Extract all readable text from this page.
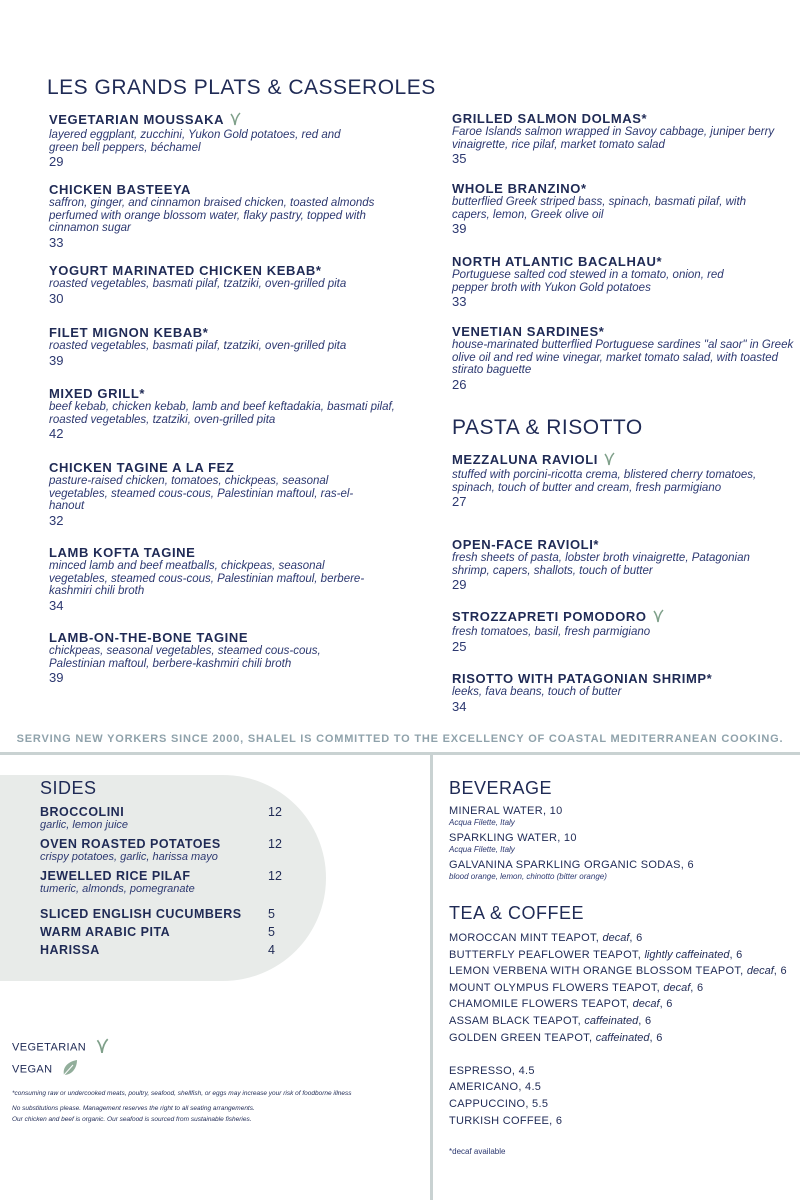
LES GRANDS PLATS & CASSEROLES
VEGETARIAN MOUSSAKA
layered eggplant, zucchini, Yukon Gold potatoes, red and green bell peppers, béchamel
29
CHICKEN BASTEEYA
saffron, ginger, and cinnamon braised chicken, toasted almonds perfumed with orange blossom water, flaky pastry, topped with cinnamon sugar
33
YOGURT MARINATED CHICKEN KEBAB*
roasted vegetables, basmati pilaf, tzatziki, oven-grilled pita
30
FILET MIGNON KEBAB*
roasted vegetables, basmati pilaf, tzatziki, oven-grilled pita
39
MIXED GRILL*
beef kebab, chicken kebab, lamb and beef keftadakia, basmati pilaf, roasted vegetables, tzatziki, oven-grilled pita
42
CHICKEN TAGINE A LA FEZ
pasture-raised chicken, tomatoes, chickpeas, seasonal vegetables, steamed cous-cous, Palestinian maftoul, ras-el-hanout
32
LAMB KOFTA TAGINE
minced lamb and beef meatballs, chickpeas, seasonal vegetables, steamed cous-cous, Palestinian maftoul, berbere-kashmiri chili broth
34
LAMB-ON-THE-BONE TAGINE
chickpeas, seasonal vegetables, steamed cous-cous, Palestinian maftoul, berbere-kashmiri chili broth
39
GRILLED SALMON DOLMAS*
Faroe Islands salmon wrapped in Savoy cabbage, juniper berry vinaigrette, rice pilaf, market tomato salad
35
WHOLE BRANZINO*
butterflied Greek striped bass, spinach, basmati pilaf, with capers, lemon, Greek olive oil
39
NORTH ATLANTIC BACALHAU*
Portuguese salted cod stewed in a tomato, onion, red pepper broth with Yukon Gold potatoes
33
VENETIAN SARDINES*
house-marinated butterflied Portuguese sardines "al saor" in Greek olive oil and red wine vinegar, market tomato salad, with toasted stirato baguette
26
PASTA & RISOTTO
MEZZALUNA RAVIOLI
stuffed with porcini-ricotta crema, blistered cherry tomatoes, spinach, touch of butter and cream, fresh parmigiano
27
OPEN-FACE RAVIOLI*
fresh sheets of pasta, lobster broth vinaigrette, Patagonian shrimp, capers, shallots, touch of butter
29
STROZZAPRETI POMODORO
fresh tomatoes, basil, fresh parmigiano
25
RISOTTO WITH PATAGONIAN SHRIMP*
leeks, fava beans, touch of butter
34
SERVING NEW YORKERS SINCE 2000, SHALEL IS COMMITTED TO THE EXCELLENCY OF COASTAL MEDITERRANEAN COOKING.
SIDES
BROCCOLINI
garlic, lemon juice
12
OVEN ROASTED POTATOES
crispy potatoes, garlic, harissa mayo
12
JEWELLED RICE PILAF
tumeric, almonds, pomegranate
12
SLICED ENGLISH CUCUMBERS	5
WARM ARABIC PITA	5
HARISSA	4
VEGETARIAN
VEGAN
*consuming raw or undercooked meats, poultry, seafood, shellfish, or eggs may increase your risk of foodborne illness
No substitutions please. Management reserves the right to all seating arrangements.
Our chicken and beef is organic. Our seafood is sourced from sustainable fisheries.
BEVERAGE
MINERAL WATER, 10
Acqua Filette, Italy
SPARKLING WATER, 10
Acqua Filette, Italy
GALVANINA SPARKLING ORGANIC SODAS, 6
blood orange, lemon, chinotto (bitter orange)
TEA & COFFEE
MOROCCAN MINT TEAPOT, decaf, 6
BUTTERFLY PEAFLOWER TEAPOT, lightly caffeinated, 6
LEMON VERBENA WITH ORANGE BLOSSOM TEAPOT, decaf, 6
MOUNT OLYMPUS FLOWERS TEAPOT, decaf, 6
CHAMOMILE FLOWERS TEAPOT, decaf, 6
ASSAM BLACK TEAPOT, caffeinated, 6
GOLDEN GREEN TEAPOT, caffeinated, 6
ESPRESSO, 4.5
AMERICANO, 4.5
CAPPUCCINO, 5.5
TURKISH COFFEE, 6
*decaf available
